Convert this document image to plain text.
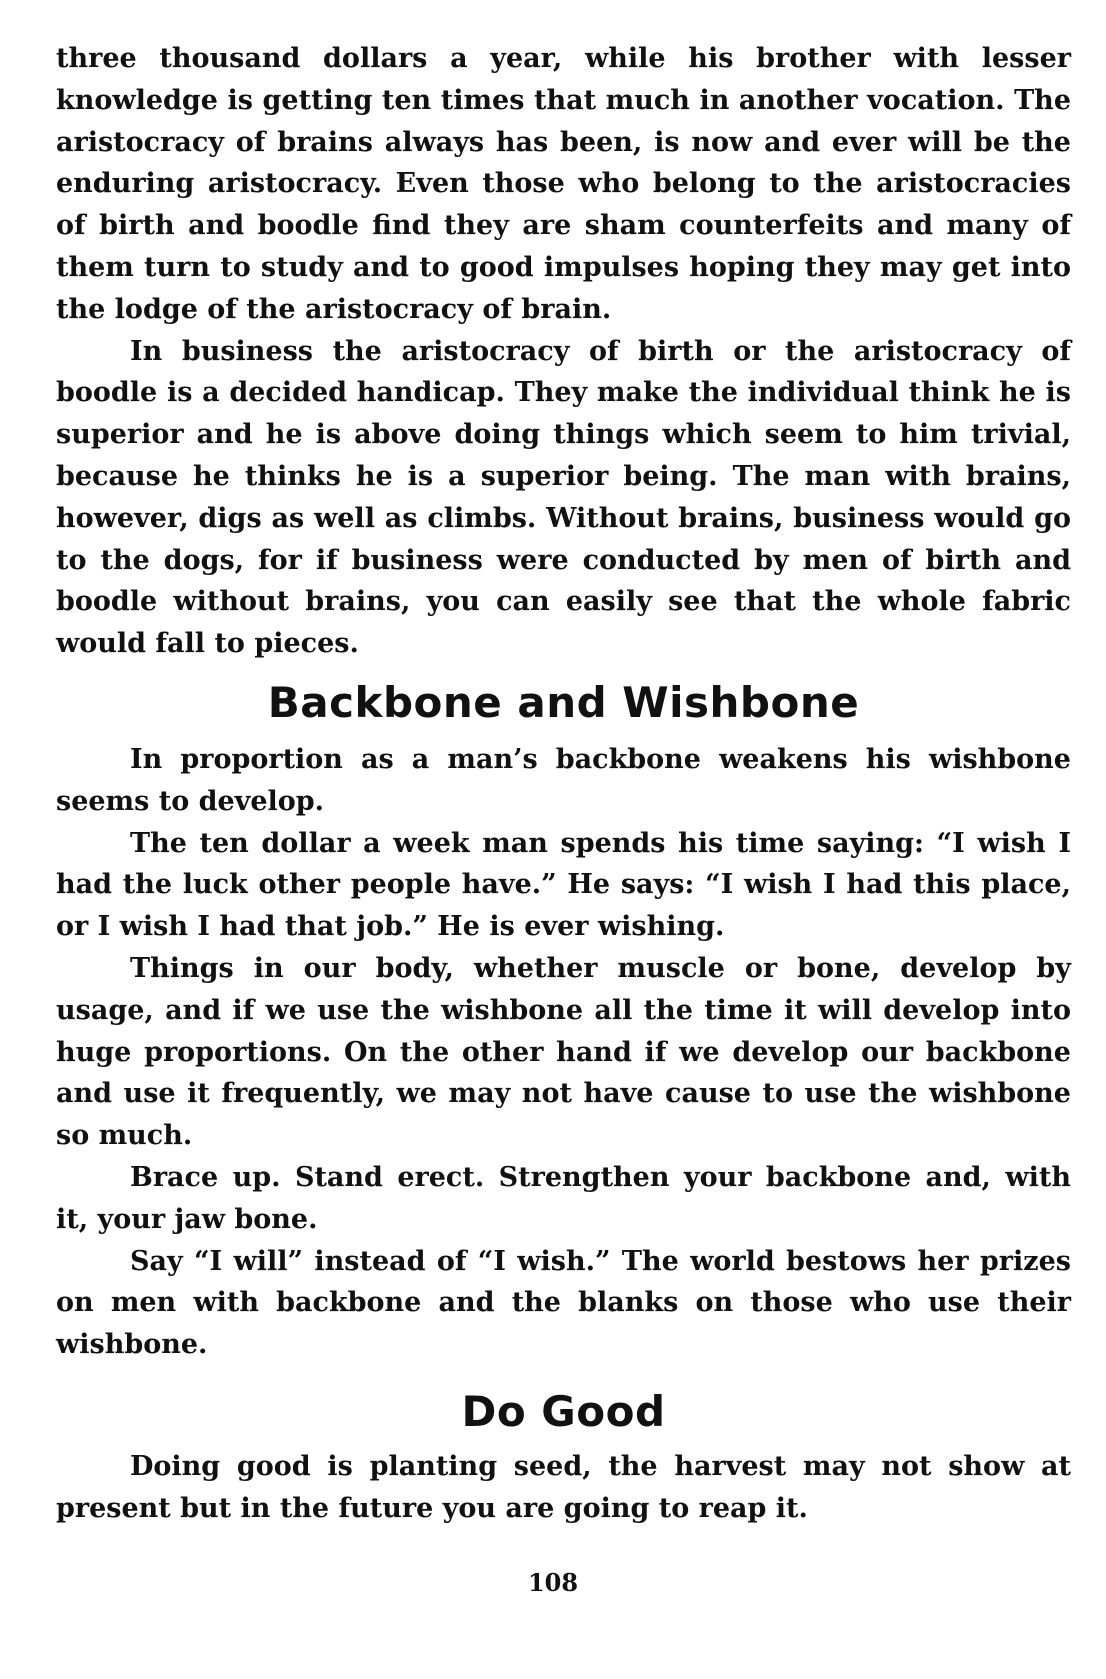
three thousand dollars a year, while his brother with lesser knowledge is getting ten times that much in another vocation. The aristocracy of brains always has been, is now and ever will be the enduring aristocracy. Even those who belong to the aristocracies of birth and boodle find they are sham counterfeits and many of them turn to study and to good impulses hoping they may get into the lodge of the aristocracy of brain.

In business the aristocracy of birth or the aristocracy of boodle is a decided handicap. They make the individual think he is superior and he is above doing things which seem to him trivial, because he thinks he is a superior being. The man with brains, however, digs as well as climbs. Without brains, business would go to the dogs, for if business were conducted by men of birth and boodle without brains, you can easily see that the whole fabric would fall to pieces.

Backbone and Wishbone

In proportion as a man’s backbone weakens his wishbone seems to develop.

The ten dollar a week man spends his time saying: “I wish I had the luck other people have.” He says: “I wish I had this place, or I wish I had that job.” He is ever wishing.

Things in our body, whether muscle or bone, develop by usage, and if we use the wishbone all the time it will develop into huge proportions. On the other hand if we develop our backbone and use it frequently, we may not have cause to use the wishbone so much.

Brace up. Stand erect. Strengthen your backbone and, with it, your jaw bone.

Say “I will” instead of “I wish.” The world bestows her prizes on men with backbone and the blanks on those who use their wishbone.

Do Good

Doing good is planting seed, the harvest may not show at present but in the future you are going to reap it.

108
